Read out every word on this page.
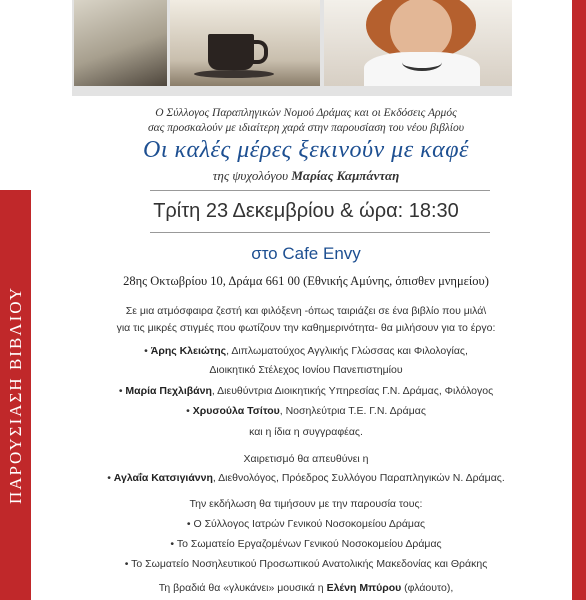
ΠΑΡΟΥΣΙΑΣΗ ΒΙΒΛΙΟΥ
Ο Σύλλογος Παραπληγικών Νομού Δράμας και οι Εκδόσεις Αρμός
σας προσκαλούν με ιδιαίτερη χαρά στην παρουσίαση του νέου βιβλίου
Οι καλές μέρες ξεκινούν με καφέ
της ψυχολόγου Μαρίας Καμπάνταη
Τρίτη 23 Δεκεμβρίου & ώρα: 18:30
στο Cafe Envy
28ης Οκτωβρίου 10, Δράμα 661 00 (Εθνικής Αμύνης, όπισθεν μνημείου)
Σε μια ατμόσφαιρα ζεστή και φιλόξενη -όπως ταιριάζει σε ένα βιβλίο που μιλά\
για τις μικρές στιγμές που φωτίζουν την καθημερινότητα- θα μιλήσουν για το έργο:
• Άρης Κλειώτης, Διπλωματούχος Αγγλικής Γλώσσας και Φιλολογίας,
Διοικητικό Στέλεχος Ιονίου Πανεπιστημίου
• Μαρία Πεχλιβάνη, Διευθύντρια Διοικητικής Υπηρεσίας Γ.Ν. Δράμας, Φιλόλογος
• Χρυσούλα Τσίτου, Νοσηλεύτρια Τ.Ε. Γ.Ν. Δράμας
και η ίδια η συγγραφέας.
Χαιρετισμό θα απευθύνει η
• Αγλαΐα Κατσιγιάννη, Διεθνολόγος, Πρόεδρος Συλλόγου Παραπληγικών Ν. Δράμας.
Την εκδήλωση θα τιμήσουν με την παρουσία τους:
• Ο Σύλλογος Ιατρών Γενικού Νοσοκομείου Δράμας
• Το Σωματείο Εργαζομένων Γενικού Νοσοκομείου Δράμας
• Το Σωματείο Νοσηλευτικού Προσωπικού Ανατολικής Μακεδονίας και Θράκης
Τη βραδιά θα «γλυκάνει» μουσικά η Ελένη Μπύρου (φλάουτο),
